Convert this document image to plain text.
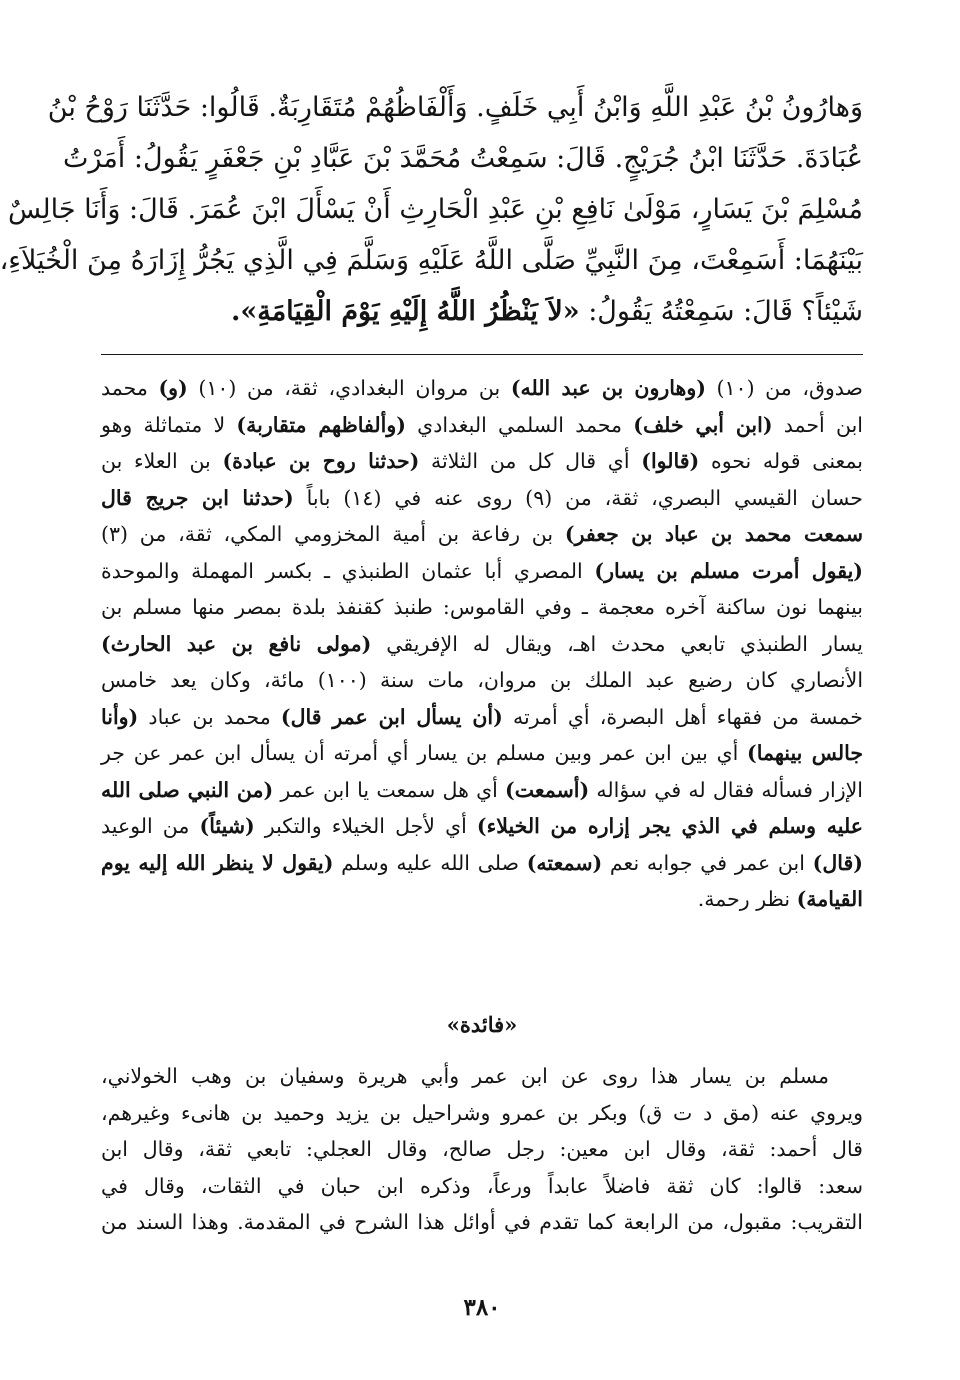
وَهارُونُ بْنُ عَبْدِ اللَّهِ وَابْنُ أَبِي خَلَفٍ. وَأَلْفَاظُهُمْ مُتَقَارِبَةٌ. قَالُوا: حَدَّثَنَا رَوْحُ بْنُ
عُبَادَةَ. حَدَّثَنَا ابْنُ جُرَيْجٍ. قَالَ: سَمِعْتُ مُحَمَّدَ بْنَ عَبَّادِ بْنِ جَعْفَرٍ يَقُولُ: أَمَرْتُ
مُسْلِمَ بْنَ يَسَارٍ، مَوْلَىٰ نَافِعِ بْنِ عَبْدِ الْحَارِثِ أَنْ يَسْأَلَ ابْنَ عُمَرَ. قَالَ: وَأَنَا جَالِسٌ
بَيْنَهُمَا: أَسَمِعْتَ، مِنَ النَّبِيِّ صَلَّى اللَّهُ عَلَيْهِ وَسَلَّمَ فِي الَّذِي يَجُرُّ إِزَارَهُ مِنَ الْخُيَلاَءِ،
شَيْئاً؟ قَالَ: سَمِعْتُهُ يَقُولُ: «لاَ يَنْظُرُ اللَّهُ إِلَيْهِ يَوْمَ الْقِيَامَةِ».
صدوق، من (١٠) (وهارون بن عبد الله) بن مروان البغدادي، ثقة، من (١٠) (و) محمد
ابن أحمد (ابن أبي خلف) محمد السلمي البغدادي (وألفاظهم متقاربة) لا متماثلة وهو
بمعنى قوله نحوه (قالوا) أي قال كل من الثلاثة (حدثنا روح بن عبادة) بن العلاء بن
حسان القيسي البصري، ثقة، من (٩) روى عنه في (١٤) باباً (حدثنا ابن جريج قال
سمعت محمد بن عباد بن جعفر) بن رفاعة بن أمية المخزومي المكي، ثقة، من (٣)
(يقول أمرت مسلم بن يسار) المصري أبا عثمان الطنبذي ـ بكسر المهملة والموحدة
بينهما نون ساكنة آخره معجمة ـ وفي القاموس: طنبذ كقنفذ بلدة بمصر منها مسلم بن
يسار الطنبذي تابعي محدث اهـ، ويقال له الإفريقي (مولى نافع بن عبد الحارث)
الأنصاري كان رضيع عبد الملك بن مروان، مات سنة (١٠٠) مائة، وكان يعد خامس
خمسة من فقهاء أهل البصرة، أي أمرته (أن يسأل ابن عمر قال) محمد بن عباد (وأنا
جالس بينهما) أي بين ابن عمر وبين مسلم بن يسار أي أمرته أن يسأل ابن عمر عن جر
الإزار فسأله فقال له في سؤاله (أسمعت) أي هل سمعت يا ابن عمر (من النبي صلى الله
عليه وسلم في الذي يجر إزاره من الخيلاء) أي لأجل الخيلاء والتكبر (شيئاً) من الوعيد
(قال) ابن عمر في جوابه نعم (سمعته) صلى الله عليه وسلم (يقول لا ينظر الله إليه يوم
القيامة) نظر رحمة.
«فائدة»
مسلم بن يسار هذا روى عن ابن عمر وأبي هريرة وسفيان بن وهب الخولاني،
ويروي عنه (مق د ت ق) وبكر بن عمرو وشراحيل بن يزيد وحميد بن هانىء وغيرهم،
قال أحمد: ثقة، وقال ابن معين: رجل صالح، وقال العجلي: تابعي ثقة، وقال ابن
سعد: قالوا: كان ثقة فاضلاً عابداً ورعاً، وذكره ابن حبان في الثقات، وقال في
التقريب: مقبول، من الرابعة كما تقدم في أوائل هذا الشرح في المقدمة. وهذا السند من
٣٨٠
